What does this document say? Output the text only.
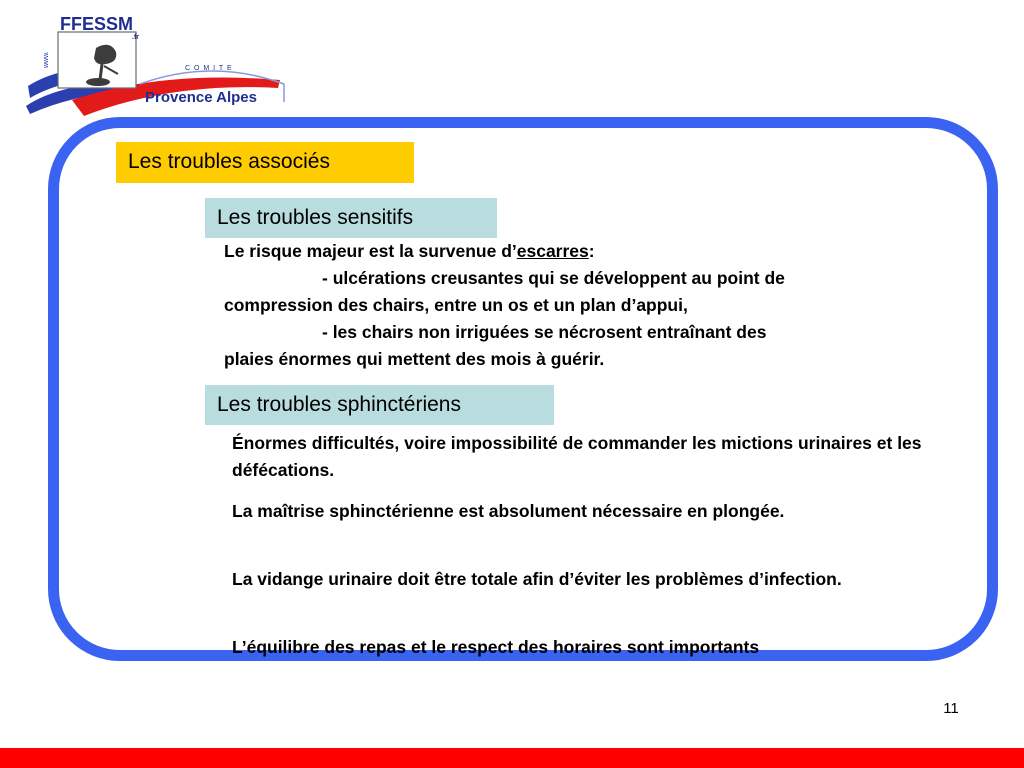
www.
FFESSM
.fr
C O M I T E
Provence Alpes
Les troubles associés
Les troubles sensitifs

Le risque majeur est la survenue d’escarres:

- ulcérations creusantes qui se développent au point de

compression des chairs, entre un os et un plan d’appui,

- les chairs non irriguées se nécrosent entraînant des

plaies énormes qui mettent des mois à guérir.

Les troubles sphinctériens

Énormes difficultés, voire impossibilité de commander les mictions urinaires et les défécations.

La maîtrise sphinctérienne est absolument nécessaire en plongée.

La vidange urinaire doit être totale afin d’éviter les problèmes d’infection.

L’équilibre des repas et le respect des horaires sont importants

11
